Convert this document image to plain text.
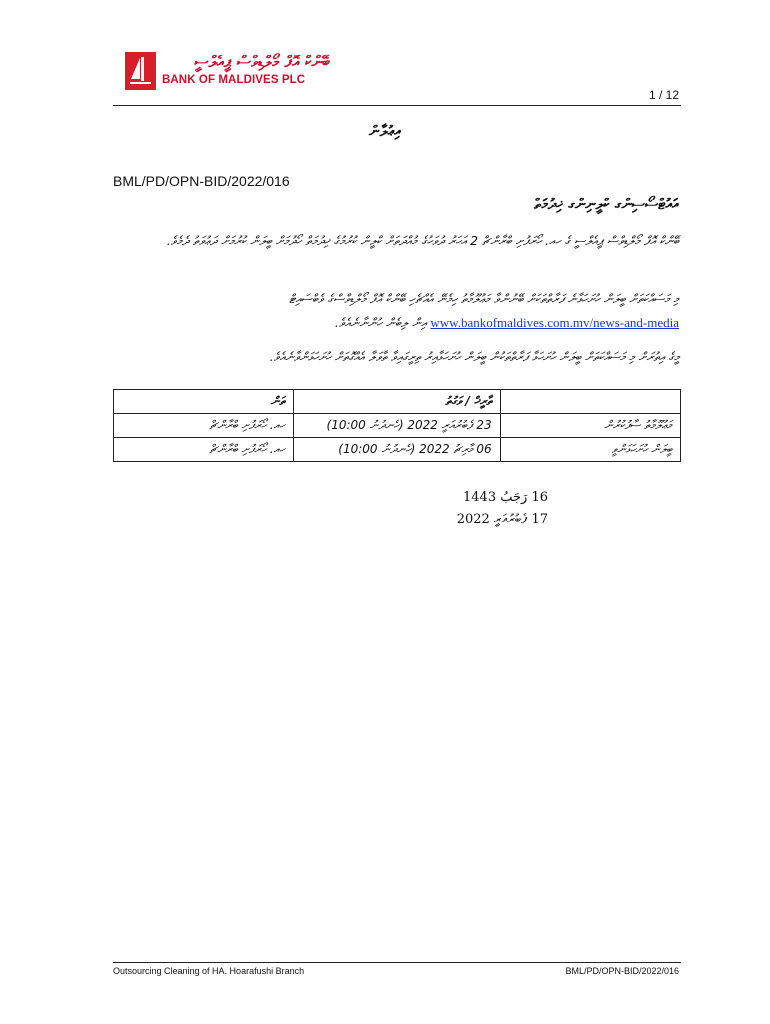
ބޭންކް އޮފް މޯލްޑިވްސް ޕީއެލްސީ
BANK OF MALDIVES PLC
1 / 12
އިޢުލާން
BML/PD/OPN-BID/2022/016
އައުޓްސޯސިންގ ކްލީނިންގ ޚިދުމަތް
ބޭންކް އޮފް މޯލްޑިވްސް ޕީއެލްސީ ގެ ހއ. ހޯރަފުށި ބްރާންޗް 2 އަހަރު ދުވަހުގެ މުއްދަތަށް ކްލީން ކުރުމުގެ ޚިދުމަތް ހޯދުމަށް ބީލަން ކުރުމަށް ދަޢުވަތު ދެމެވެ.
މި މަސައްކަތަށް ބީލަން ހުށަހަޅާނެ ފަރާތްތަކަށް ބޭނުންވާ މަޢުލޫމާތު ހިމެނޭ އެއްޗެހި ބޭންކް އޮފް މޯލްޑިވްސްގެ ވެބްސައިޓް www.bankofmaldives.com.mv/news-and-media އިން ލިބެން ހުންނާނެއެވެ.
މީގެ އިތުރަށް މި މަސައްކަތަށް ބީލަން ހުށަހަޅާ ފަރާތްތަކުން ބީލަން ހުށަހަޅާއިރު ތިރީގައިވާ ތާވަލާ އެއްގޮތަށް ހުށަހަޅަންވާނެއެވެ.
	ތާރީޚް / ވަގުތު	ތަން
މަޢުލޫމާތު ސާފުކުރުން	23 ފެބުރުއަރީ 2022 (ހެނދުނު 10:00)	ހއ. ހޯރަފުށި ބްރާންޗް
ބީލަން ހުށަހަޅަންވީ	06 މާރިޗު 2022 (ހެނދުނު 10:00)	ހއ. ހޯރަފުށި ބްރާންޗް
16 رَجَبُ 1443
17 ފެބުރުއަރީ 2022
Outsourcing Cleaning of HA. Hoarafushi Branch	BML/PD/OPN-BID/2022/016
